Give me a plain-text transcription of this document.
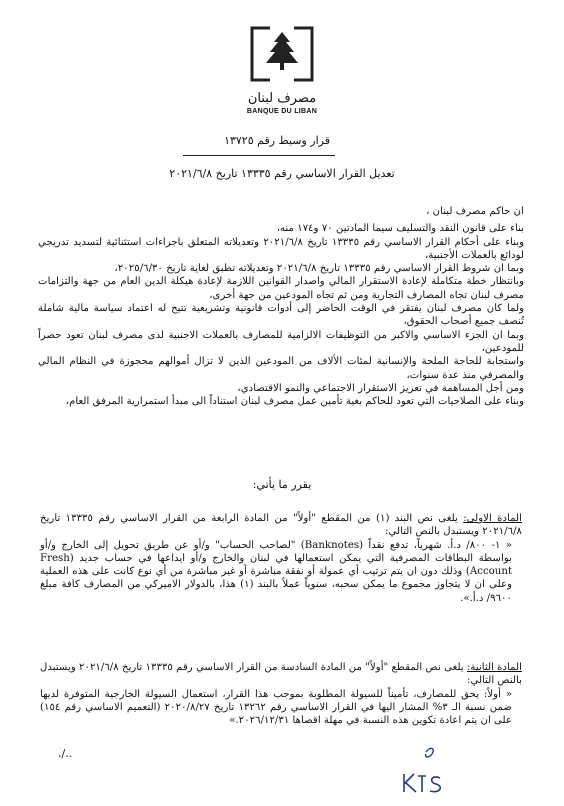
مصرف لبنان
BANQUE DU LIBAN
قرار وسيط رقم ١٣٧٢٥
تعديل القرار الاساسي رقم ١٣٣٣٥ تاريخ ٢٠٢١/٦/٨

ان حاكم مصرف لبنان ،

بناء على قانون النقد والتسليف سيما المادتين ٧٠ و١٧٤ منه،

وبناء على أحكام القرار الاساسي رقم ١٣٣٣٥ تاريخ ٢٠٢١/٦/٨ وتعديلاته المتعلق باجراءات استثنائية لتسديد تدريجي لودائع بالعملات الأجنبية،

وبما ان شروط القرار الاساسي رقم ١٣٣٣٥ تاريخ ٢٠٢١/٦/٨ وتعديلاته تطبق لغاية تاريخ ٢٠٢٥/٦/٣٠،

وبانتظار خطة متكاملة لإعادة الاستقرار المالي واصدار القوانين اللازمة لإعادة هيكلة الدين العام من جهة والتزامات مصرف لبنان تجاه المصارف التجارية ومن ثم تجاه المودعين من جهة أخرى،

ولما كان مصرف لبنان يفتقر في الوقت الحاضر إلى أدوات قانونية وتشريعية تتيح له اعتماد سياسة مالية شاملة تُنصف جميع أصحاب الحقوق،

وبما ان الجزء الاساسي والاكبر من التوظيفات الالزامية للمصارف بالعملات الاجنبية لدى مصرف لبنان تعود حصراً للمودعين،

واستجابة للحاجة الملحة والإنسانية لمئات الألاف من المودعين الذين لا تزال أموالهم محجوزة في النظام المالي والمصرفي منذ عدة سنوات،

ومن أجل المساهمة في تعزيز الاستقرار الاجتماعي والنمو الاقتصادي،

وبناء على الصلاحيات التي تعود للحاكم بغية تأمين عمل مصرف لبنان استناداً الى مبدأ استمرارية المرفق العام،

يقرر ما يأتي:

المادة الاولى: يلغى نص البند (١) من المقطع "أولاً" من المادة الرابعة من القرار الاساسي رقم ١٣٣٣٥ تاريخ ٢٠٢١/٦/٨ ويستبدل بالنص التالي:

« ١- ٨٠٠/ د.أ. شهرياً، تدفع نقداً (Banknotes) "لصاحب الحساب" و/أو عن طريق تحويل إلى الخارج و/أو بواسطة البطاقات المصرفية التي يمكن استعمالها في لبنان والخارج و/أو ايداعها في حساب جديد (Fresh Account) وذلك دون ان يتم ترتيب أي عمولة أو نفقة مباشرة أو غير مباشرة من أي نوع كانت على هذه العملية وعلى ان لا يتجاوز مجموع ما يمكن سحبه، سنوياً عملاً بالبند (١) هذا، بالدولار الاميركي من المصارف كافة مبلغ ٩٦٠٠/ د.أ.».

المادة الثانية: يلغى نص المقطع "أولاً" من المادة السادسة من القرار الاساسي رقم ١٣٣٣٥ تاريخ ٢٠٢١/٦/٨ ويستبدل بالنص التالي:

« أولاً: يحق للمصارف، تأميناً للسيولة المطلوبة بموجب هذا القرار، استعمال السيولة الخارجية المتوفرة لديها ضمن نسبة الـ ٣% المشار اليها في القرار الاساسي رقم ١٣٢٦٢ تاريخ ٢٠٢٠/٨/٢٧ (التعميم الاساسي رقم ١٥٤) على ان يتم اعادة تكوين هذه النسبة في مهلة اقصاها ٢٠٢٦/١٢/٣١.»

./..
